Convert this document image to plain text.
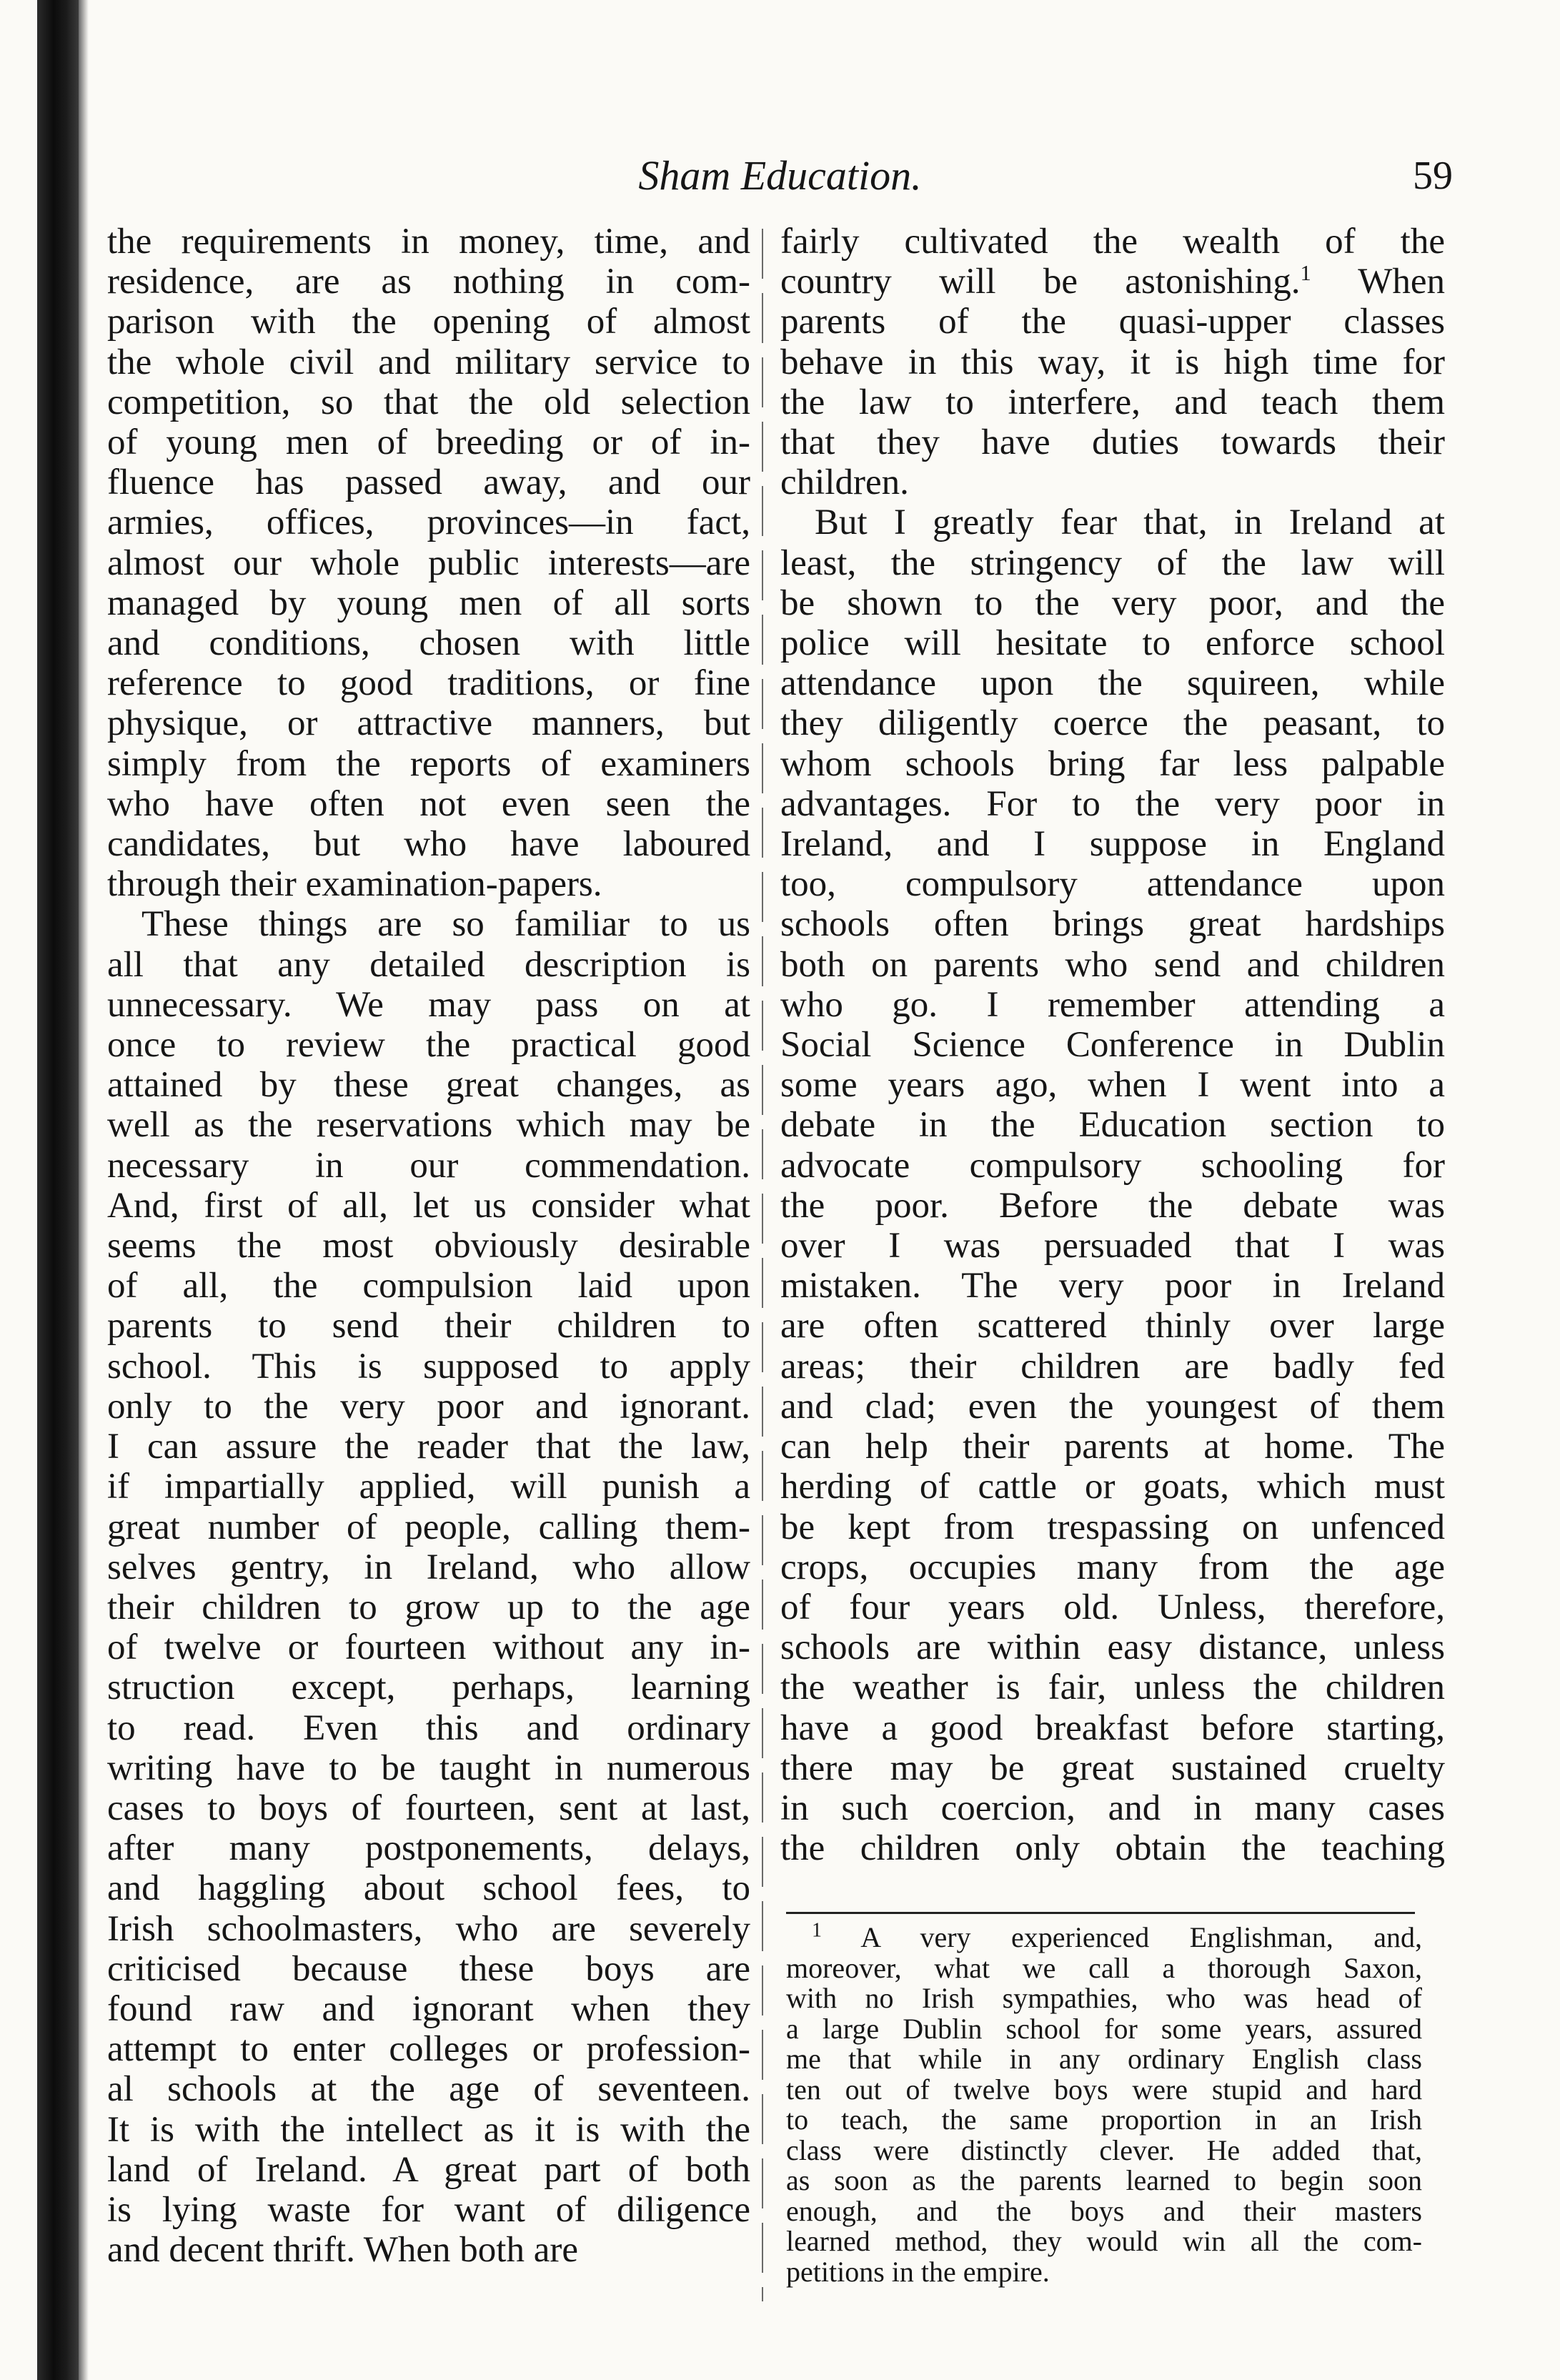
Sham Education.	59
the requirements in money, time, and
residence, are as nothing in com-
parison with the opening of almost
the whole civil and military service to
competition, so that the old selection
of young men of breeding or of in-
fluence has passed away, and our
armies, offices, provinces—in fact,
almost our whole public interests—are
managed by young men of all sorts
and conditions, chosen with little
reference to good traditions, or fine
physique, or attractive manners, but
simply from the reports of examiners
who have often not even seen the
candidates, but who have laboured
through their examination-papers.
These things are so familiar to us
all that any detailed description is
unnecessary. We may pass on at
once to review the practical good
attained by these great changes, as
well as the reservations which may be
necessary in our commendation.
And, first of all, let us consider what
seems the most obviously desirable
of all, the compulsion laid upon
parents to send their children to
school. This is supposed to apply
only to the very poor and ignorant.
I can assure the reader that the law,
if impartially applied, will punish a
great number of people, calling them-
selves gentry, in Ireland, who allow
their children to grow up to the age
of twelve or fourteen without any in-
struction except, perhaps, learning
to read. Even this and ordinary
writing have to be taught in numerous
cases to boys of fourteen, sent at last,
after many postponements, delays,
and haggling about school fees, to
Irish schoolmasters, who are severely
criticised because these boys are
found raw and ignorant when they
attempt to enter colleges or profession-
al schools at the age of seventeen.
It is with the intellect as it is with the
land of Ireland. A great part of both
is lying waste for want of diligence
and decent thrift. When both are
fairly cultivated the wealth of the
country will be astonishing.$^1$ When
parents of the quasi-upper classes
behave in this way, it is high time for
the law to interfere, and teach them
that they have duties towards their
children.
But I greatly fear that, in Ireland at
least, the stringency of the law will
be shown to the very poor, and the
police will hesitate to enforce school
attendance upon the squireen, while
they diligently coerce the peasant, to
whom schools bring far less palpable
advantages. For to the very poor in
Ireland, and I suppose in England
too, compulsory attendance upon
schools often brings great hardships
both on parents who send and children
who go. I remember attending a
Social Science Conference in Dublin
some years ago, when I went into a
debate in the Education section to
advocate compulsory schooling for
the poor. Before the debate was
over I was persuaded that I was
mistaken. The very poor in Ireland
are often scattered thinly over large
areas; their children are badly fed
and clad; even the youngest of them
can help their parents at home. The
herding of cattle or goats, which must
be kept from trespassing on unfenced
crops, occupies many from the age
of four years old. Unless, therefore,
schools are within easy distance, unless
the weather is fair, unless the children
have a good breakfast before starting,
there may be great sustained cruelty
in such coercion, and in many cases
the children only obtain the teaching
$^1$ A very experienced Englishman, and,
moreover, what we call a thorough Saxon,
with no Irish sympathies, who was head of
a large Dublin school for some years, assured
me that while in any ordinary English class
ten out of twelve boys were stupid and hard
to teach, the same proportion in an Irish
class were distinctly clever. He added that,
as soon as the parents learned to begin soon
enough, and the boys and their masters
learned method, they would win all the com-
petitions in the empire.
